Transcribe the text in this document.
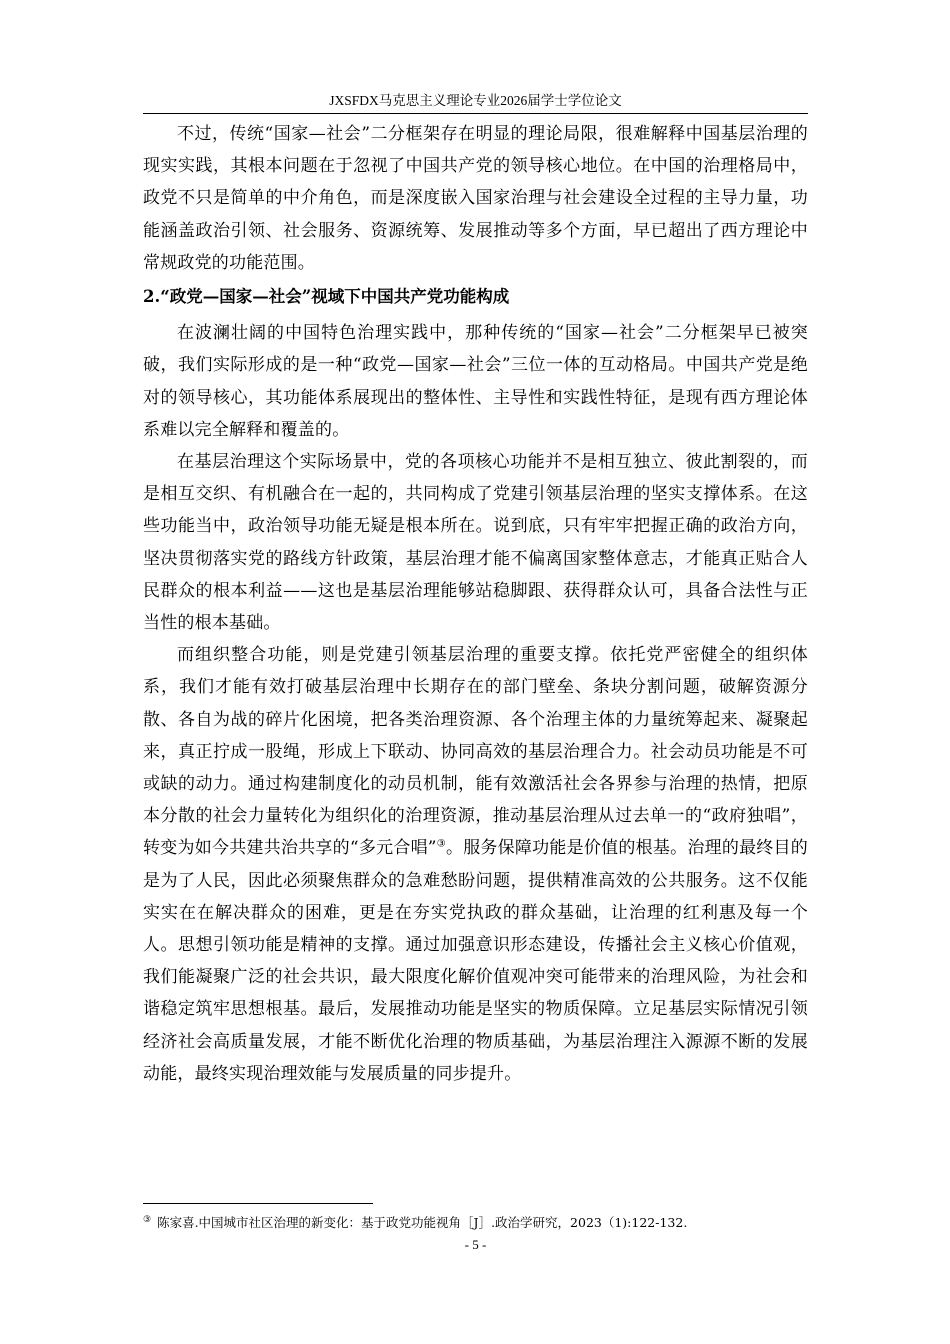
JXSFDX马克思主义理论专业2026届学士学位论文

不过，传统“国家—社会”二分框架存在明显的理论局限，很难解释中国基层治理的现实实践，其根本问题在于忽视了中国共产党的领导核心地位。在中国的治理格局中，政党不只是简单的中介角色，而是深度嵌入国家治理与社会建设全过程的主导力量，功能涵盖政治引领、社会服务、资源统筹、发展推动等多个方面，早已超出了西方理论中常规政党的功能范围。

2.“政党—国家—社会”视域下中国共产党功能构成

在波澜壮阔的中国特色治理实践中，那种传统的“国家—社会”二分框架早已被突破，我们实际形成的是一种“政党—国家—社会”三位一体的互动格局。中国共产党是绝对的领导核心，其功能体系展现出的整体性、主导性和实践性特征，是现有西方理论体系难以完全解释和覆盖的。

在基层治理这个实际场景中，党的各项核心功能并不是相互独立、彼此割裂的，而是相互交织、有机融合在一起的，共同构成了党建引领基层治理的坚实支撑体系。在这些功能当中，政治领导功能无疑是根本所在。说到底，只有牢牢把握正确的政治方向，坚决贯彻落实党的路线方针政策，基层治理才能不偏离国家整体意志，才能真正贴合人民群众的根本利益——这也是基层治理能够站稳脚跟、获得群众认可，具备合法性与正当性的根本基础。

而组织整合功能，则是党建引领基层治理的重要支撑。依托党严密健全的组织体系，我们才能有效打破基层治理中长期存在的部门壁垒、条块分割问题，破解资源分散、各自为战的碎片化困境，把各类治理资源、各个治理主体的力量统筹起来、凝聚起来，真正拧成一股绳，形成上下联动、协同高效的基层治理合力。社会动员功能是不可或缺的动力。通过构建制度化的动员机制，能有效激活社会各界参与治理的热情，把原本分散的社会力量转化为组织化的治理资源，推动基层治理从过去单一的“政府独唱”，转变为如今共建共治共享的“多元合唱”③。服务保障功能是价值的根基。治理的最终目的是为了人民，因此必须聚焦群众的急难愁盼问题，提供精准高效的公共服务。这不仅能实实在在解决群众的困难，更是在夯实党执政的群众基础，让治理的红利惠及每一个人。思想引领功能是精神的支撑。通过加强意识形态建设，传播社会主义核心价值观，我们能凝聚广泛的社会共识，最大限度化解价值观冲突可能带来的治理风险，为社会和谐稳定筑牢思想根基。最后，发展推动功能是坚实的物质保障。立足基层实际情况引领经济社会高质量发展，才能不断优化治理的物质基础，为基层治理注入源源不断的发展动能，最终实现治理效能与发展质量的同步提升。

③ 陈家喜.中国城市社区治理的新变化：基于政党功能视角［J］.政治学研究，2023（1):122-132.
- 5 -
